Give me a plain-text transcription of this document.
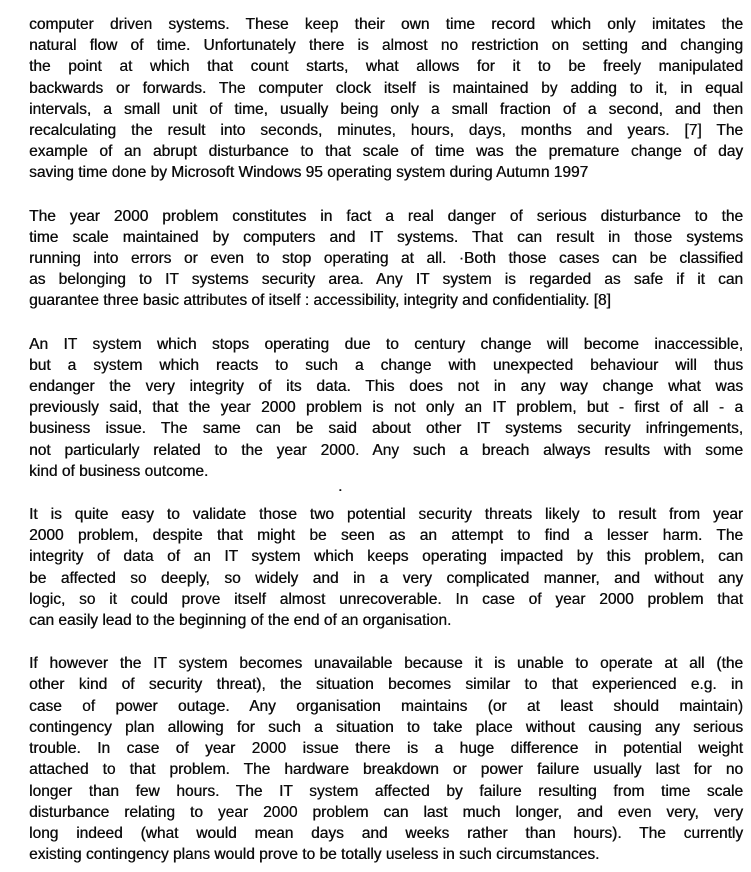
computer driven systems. These keep their own time record which only imitates the
natural flow of time. Unfortunately there is almost no restriction on setting and changing
the point at which that count starts, what allows for it to be freely manipulated
backwards or forwards. The computer clock itself is maintained by adding to it, in equal
intervals, a small unit of time, usually being only a small fraction of a second, and then
recalculating the result into seconds, minutes, hours, days, months and years. [7] The
example of an abrupt disturbance to that scale of time was the premature change of day
saving time done by Microsoft Windows 95 operating system during Autumn 1997

The year 2000 problem constitutes in fact a real danger of serious disturbance to the
time scale maintained by computers and IT systems. That can result in those systems
running into errors or even to stop operating at all. ·Both those cases can be classified
as belonging to IT systems security area. Any IT system is regarded as safe if it can
guarantee three basic attributes of itself : accessibility, integrity and confidentiality. [8]

An IT system which stops operating due to century change will become inaccessible,
but a system which reacts to such a change with unexpected behaviour will thus
endanger the very integrity of its data. This does not in any way change what was
previously said, that the year 2000 problem is not only an IT problem, but - first of all - a
business issue. The same can be said about other IT systems security infringements,
not particularly related to the year 2000. Any such a breach always results with some
kind of business outcome.

It is quite easy to validate those two potential security threats likely to result from year
2000 problem, despite that might be seen as an attempt to find a lesser harm. The
integrity of data of an IT system which keeps operating impacted by this problem, can
be affected so deeply, so widely and in a very complicated manner, and without any
logic, so it could prove itself almost unrecoverable. In case of year 2000 problem that
can easily lead to the beginning of the end of an organisation.

If however the IT system becomes unavailable because it is unable to operate at all (the
other kind of security threat), the situation becomes similar to that experienced e.g. in
case of power outage. Any organisation maintains (or at least should maintain)
contingency plan allowing for such a situation to take place without causing any serious
trouble. In case of year 2000 issue there is a huge difference in potential weight
attached to that problem. The hardware breakdown or power failure usually last for no
longer than few hours. The IT system affected by failure resulting from time scale
disturbance relating to year 2000 problem can last much longer, and even very, very
long indeed (what would mean days and weeks rather than hours). The currently
existing contingency plans would prove to be totally useless in such circumstances.

.
